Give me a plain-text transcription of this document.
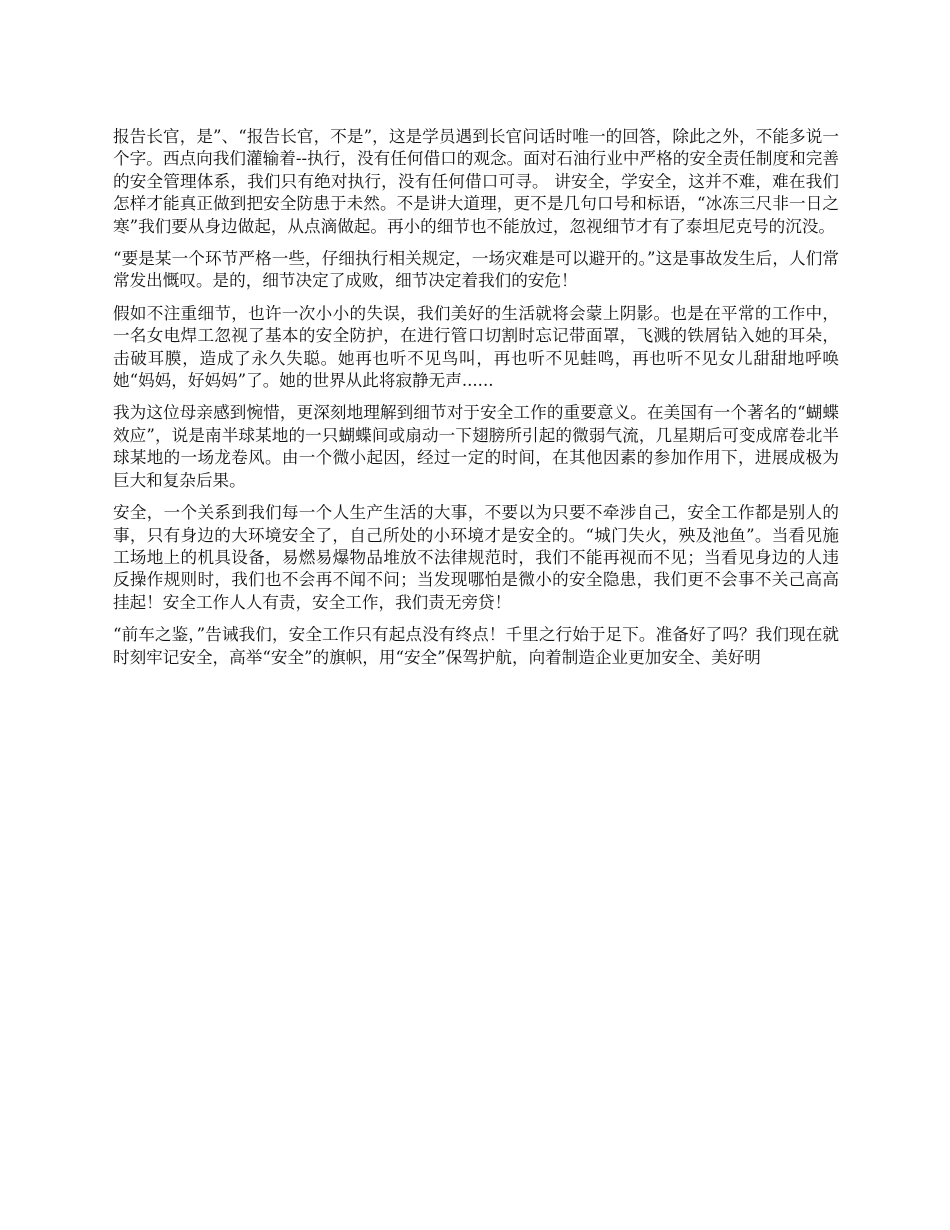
报告长官，是”、“报告长官，不是”，这是学员遇到长官问话时唯一的回答，除此之外，不能多说一个字。西点向我们灌输着--执行，没有任何借口的观念。面对石油行业中严格的安全责任制度和完善的安全管理体系，我们只有绝对执行，没有任何借口可寻。 讲安全，学安全，这并不难，难在我们怎样才能真正做到把安全防患于未然。不是讲大道理，更不是几句口号和标语，“冰冻三尺非一日之寒”我们要从身边做起，从点滴做起。再小的细节也不能放过，忽视细节才有了泰坦尼克号的沉没。

“要是某一个环节严格一些，仔细执行相关规定，一场灾难是可以避开的。”这是事故发生后，人们常常发出慨叹。是的，细节决定了成败，细节决定着我们的安危！

假如不注重细节，也许一次小小的失误，我们美好的生活就将会蒙上阴影。也是在平常的工作中，一名女电焊工忽视了基本的安全防护，在进行管口切割时忘记带面罩，飞溅的铁屑钻入她的耳朵，击破耳膜，造成了永久失聪。她再也听不见鸟叫，再也听不见蛙鸣，再也听不见女儿甜甜地呼唤她“妈妈，好妈妈”了。她的世界从此将寂静无声......

我为这位母亲感到惋惜，更深刻地理解到细节对于安全工作的重要意义。在美国有一个著名的“蝴蝶效应”，说是南半球某地的一只蝴蝶间或扇动一下翅膀所引起的微弱气流，几星期后可变成席卷北半球某地的一场龙卷风。由一个微小起因，经过一定的时间，在其他因素的参加作用下，进展成极为巨大和复杂后果。

安全，一个关系到我们每一个人生产生活的大事，不要以为只要不牵涉自己，安全工作都是别人的事，只有身边的大环境安全了，自己所处的小环境才是安全的。“城门失火，殃及池鱼”。当看见施工场地上的机具设备，易燃易爆物品堆放不法律规范时，我们不能再视而不见；当看见身边的人违反操作规则时，我们也不会再不闻不问；当发现哪怕是微小的安全隐患，我们更不会事不关己高高挂起！安全工作人人有责，安全工作，我们责无旁贷！

“前车之鉴，”告诫我们，安全工作只有起点没有终点！千里之行始于足下。准备好了吗？我们现在就时刻牢记安全，高举“安全”的旗帜，用“安全”保驾护航，向着制造企业更加安全、美好明
